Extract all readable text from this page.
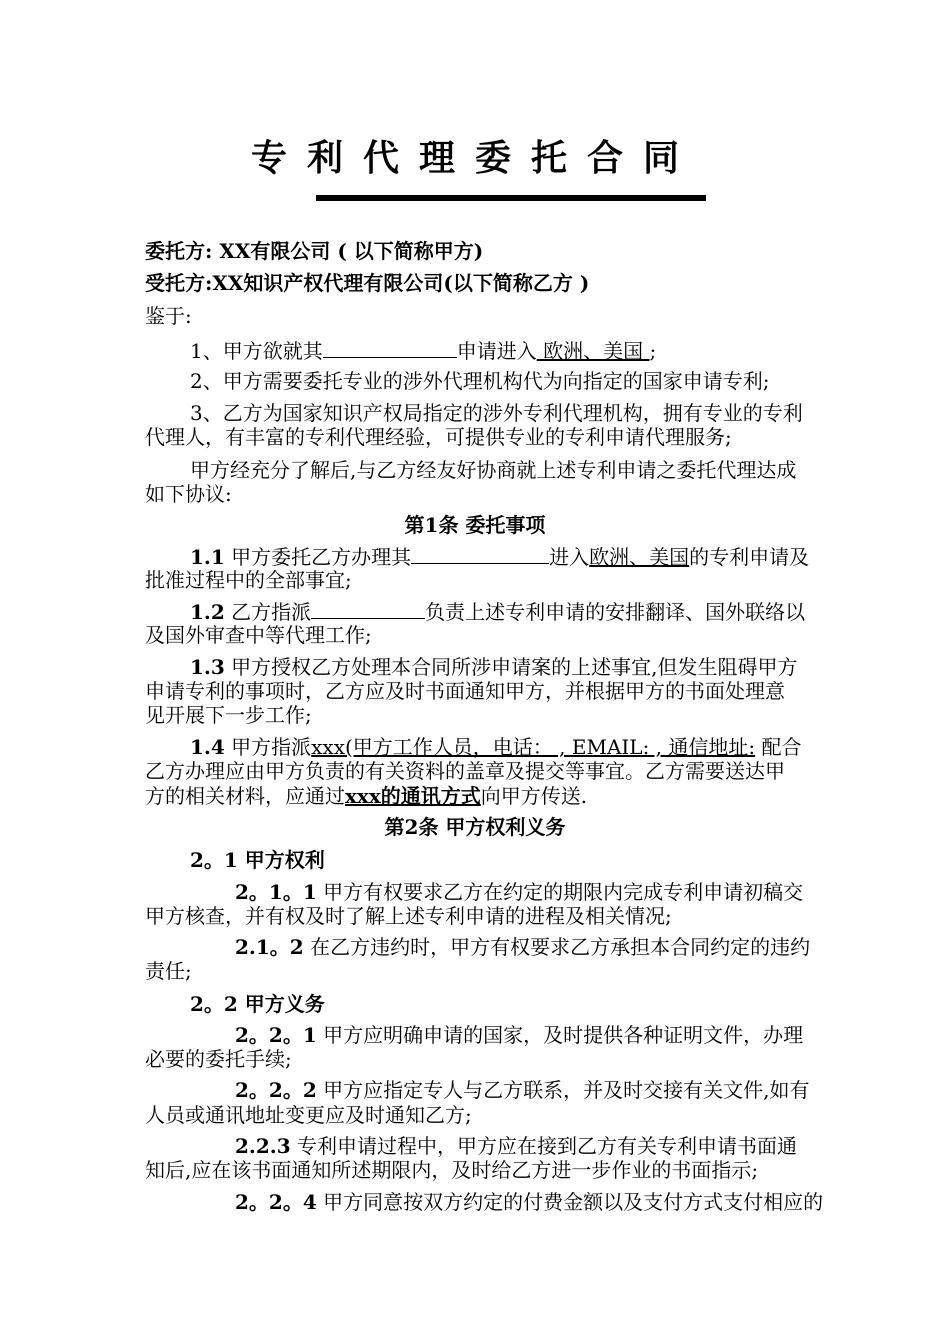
专利代理委托合同
委托方: XX有限公司 ( 以下简称甲方)
受托方:XX知识产权代理有限公司(以下简称乙方 )
鉴于:
1、甲方欲就其	申请进入 欧洲、美国 ;
2、甲方需要委托专业的涉外代理机构代为向指定的国家申请专利;
3、乙方为国家知识产权局指定的涉外专利代理机构，拥有专业的专利
代理人，有丰富的专利代理经验，可提供专业的专利申请代理服务;
甲方经充分了解后,与乙方经友好协商就上述专利申请之委托代理达成
如下协议:
第1条 委托事项
1.1 甲方委托乙方办理其	进入欧洲、美国的专利申请及
批准过程中的全部事宜;
1.2 乙方指派	负责上述专利申请的安排翻译、国外联络以
及国外审查中等代理工作;
1.3 甲方授权乙方处理本合同所涉申请案的上述事宜,但发生阻碍甲方
申请专利的事项时，乙方应及时书面通知甲方，并根据甲方的书面处理意
见开展下一步工作;
1.4 甲方指派xxx(甲方工作人员，电话： , EMAIL: , 通信地址: 配合
乙方办理应由甲方负责的有关资料的盖章及提交等事宜。乙方需要送达甲
方的相关材料，应通过xxx的通讯方式向甲方传送.
第2条 甲方权利义务
2。1 甲方权利
2。1。1 甲方有权要求乙方在约定的期限内完成专利申请初稿交
甲方核查，并有权及时了解上述专利申请的进程及相关情况;
2.1。2 在乙方违约时，甲方有权要求乙方承担本合同约定的违约
责任;
2。2 甲方义务
2。2。1 甲方应明确申请的国家，及时提供各种证明文件，办理
必要的委托手续;
2。2。2 甲方应指定专人与乙方联系，并及时交接有关文件,如有
人员或通讯地址变更应及时通知乙方;
2.2.3 专利申请过程中，甲方应在接到乙方有关专利申请书面通
知后,应在该书面通知所述期限内，及时给乙方进一步作业的书面指示;
2。2。4 甲方同意按双方约定的付费金额以及支付方式支付相应的
